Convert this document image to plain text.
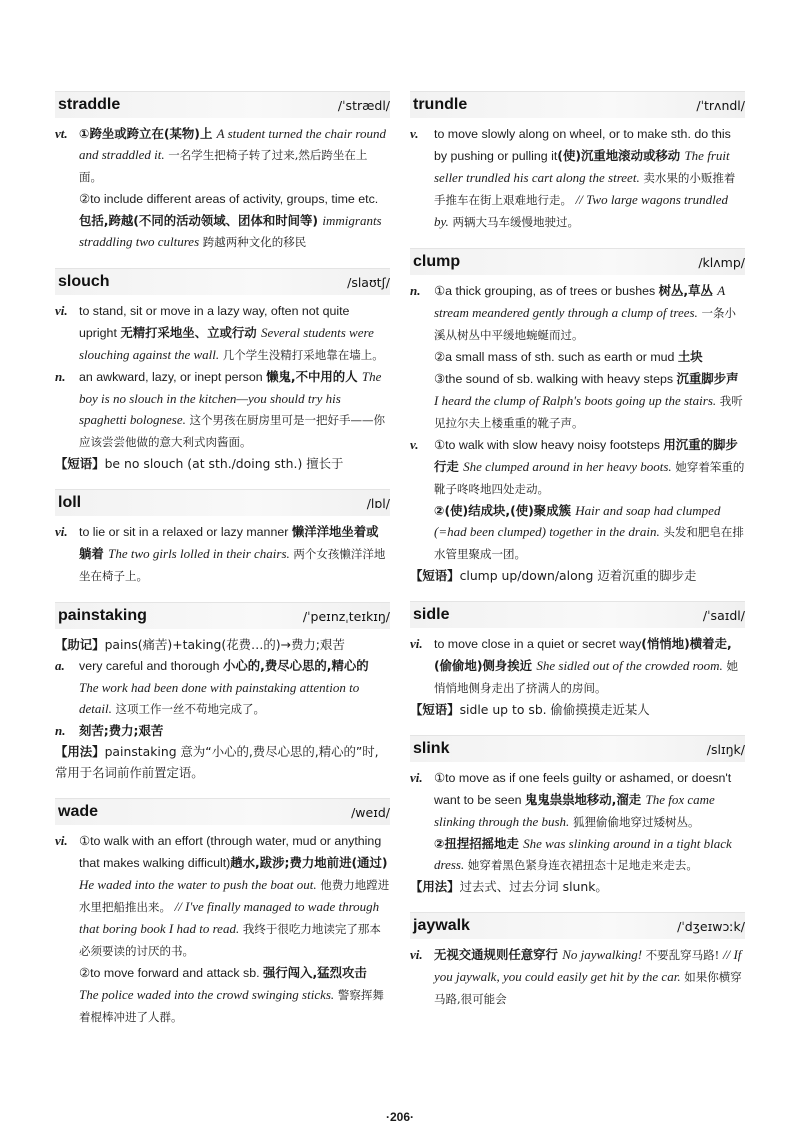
straddle	/ˈstrædl/
vt. ①跨坐或跨立在(某物)上 A student turned the chair round and straddled it. 一名学生把椅子转了过来,然后跨坐在上面。
②to include different areas of activity, groups, time etc.包括,跨越(不同的活动领域、团体和时间等) immigrants straddling two cultures 跨越两种文化的移民
slouch	/slaʊtʃ/
vi. to stand, sit or move in a lazy way, often not quite upright 无精打采地坐、立或行动 Several students were slouching against the wall. 几个学生没精打采地靠在墙上。
n. an awkward, lazy, or inept person 懒鬼,不中用的人 The boy is no slouch in the kitchen—you should try his spaghetti bolognese. 这个男孩在厨房里可是一把好手——你应该尝尝他做的意大利式肉酱面。
【短语】be no slouch (at sth./doing sth.) 擅长于
loll	/lɒl/
vi. to lie or sit in a relaxed or lazy manner 懒洋洋地坐着或躺着 The two girls lolled in their chairs. 两个女孩懒洋洋地坐在椅子上。
painstaking	/ˈpeɪnzˌteɪkɪŋ/
【助记】pains(痛苦)+taking(花费…的)→费力;艰苦
a. very careful and thorough 小心的,费尽心思的,精心的 The work had been done with painstaking attention to detail. 这项工作一丝不苟地完成了。
n. 刻苦;费力;艰苦
【用法】painstaking 意为“小心的,费尽心思的,精心的”时,常用于名词前作前置定语。
wade	/weɪd/
vi. ①to walk with an effort (through water, mud or anything that makes walking difficult)趟水,跋涉;费力地前进(通过) He waded into the water to push the boat out. 他费力地蹚进水里把船推出来。 // I've finally managed to wade through that boring book I had to read. 我终于很吃力地读完了那本必须要读的讨厌的书。
②to move forward and attack sb. 强行闯入,猛烈攻击 The police waded into the crowd swinging sticks. 警察挥舞着棍棒冲进了人群。
trundle	/ˈtrʌndl/
v. to move slowly along on wheel, or to make sth. do this by pushing or pulling it(使)沉重地滚动或移动 The fruit seller trundled his cart along the street. 卖水果的小贩推着手推车在街上艰难地行走。 // Two large wagons trundled by. 两辆大马车缓慢地驶过。
clump	/klʌmp/
n. ①a thick grouping, as of trees or bushes 树丛,草丛 A stream meandered gently through a clump of trees. 一条小溪从树丛中平缓地蜿蜒而过。
②a small mass of sth. such as earth or mud 土块
③the sound of sb. walking with heavy steps 沉重脚步声 I heard the clump of Ralph's boots going up the stairs. 我听见拉尔夫上楼重重的靴子声。
v. ①to walk with slow heavy noisy footsteps 用沉重的脚步行走 She clumped around in her heavy boots. 她穿着笨重的靴子咚咚地四处走动。
②(使)结成块,(使)聚成簇 Hair and soap had clumped (=had been clumped) together in the drain. 头发和肥皂在排水管里聚成一团。
【短语】clump up/down/along 迈着沉重的脚步走
sidle	/ˈsaɪdl/
vi. to move close in a quiet or secret way(悄悄地)横着走,(偷偷地)侧身挨近 She sidled out of the crowded room. 她悄悄地侧身走出了挤满人的房间。
【短语】sidle up to sb. 偷偷摸摸走近某人
slink	/slɪŋk/
vi. ①to move as if one feels guilty or ashamed, or doesn't want to be seen 鬼鬼祟祟地移动,溜走 The fox came slinking through the bush. 狐狸偷偷地穿过矮树丛。
②扭捏招摇地走 She was slinking around in a tight black dress. 她穿着黑色紧身连衣裙扭态十足地走来走去。
【用法】过去式、过去分词 slunk。
jaywalk	/ˈdʒeɪwɔːk/
vi. 无视交通规则任意穿行 No jaywalking! 不要乱穿马路! // If you jaywalk, you could easily get hit by the car. 如果你横穿马路,很可能会
·206·
